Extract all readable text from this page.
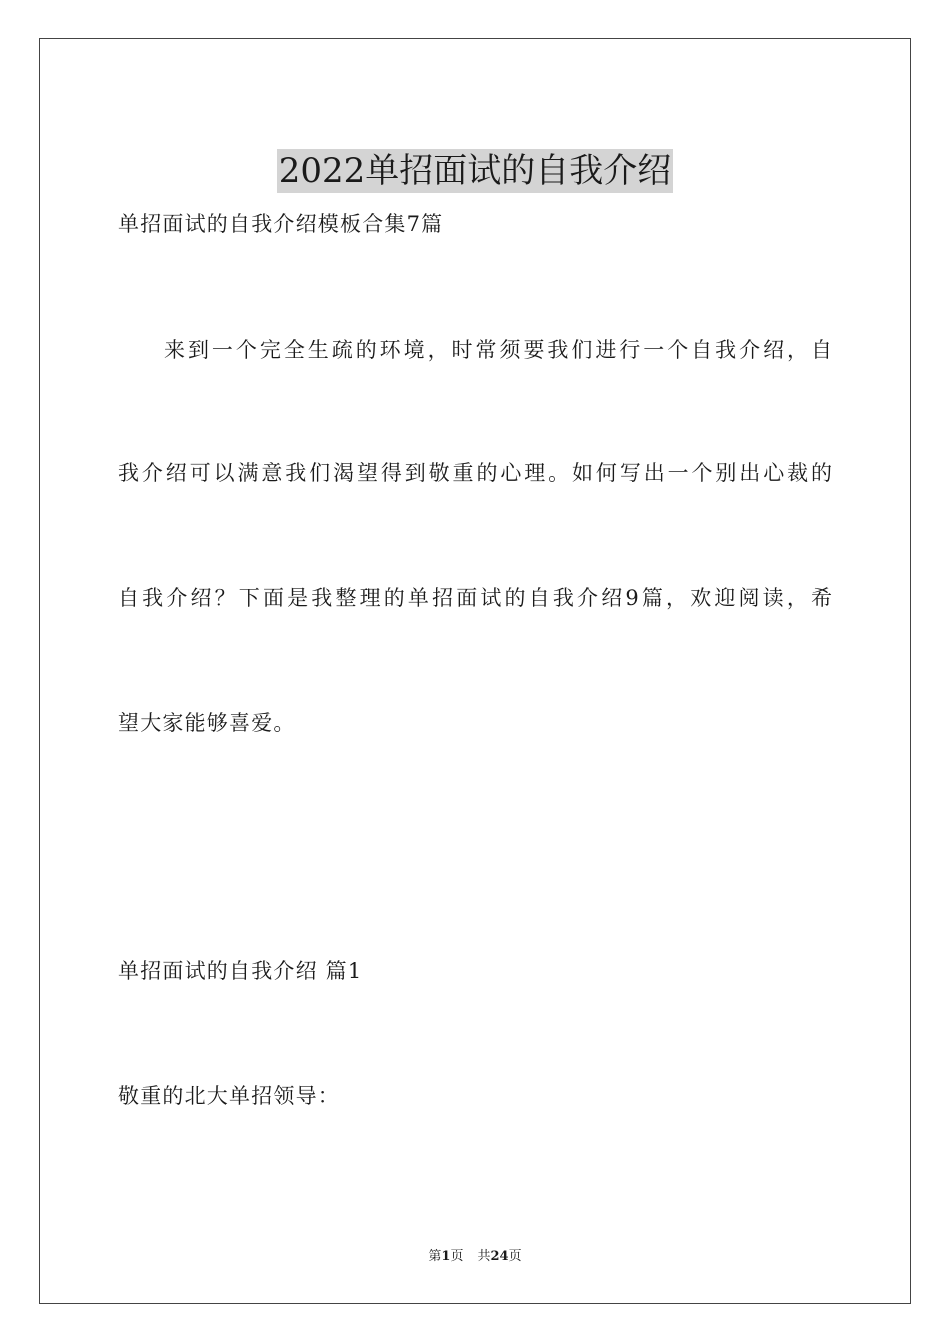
2022单招面试的自我介绍
单招面试的自我介绍模板合集7篇
来到一个完全生疏的环境，时常须要我们进行一个自我介绍，自
我介绍可以满意我们渴望得到敬重的心理。如何写出一个别出心裁的
自我介绍？下面是我整理的单招面试的自我介绍9篇，欢迎阅读，希
望大家能够喜爱。
单招面试的自我介绍 篇1
敬重的北大单招领导：
第1页 共24页
